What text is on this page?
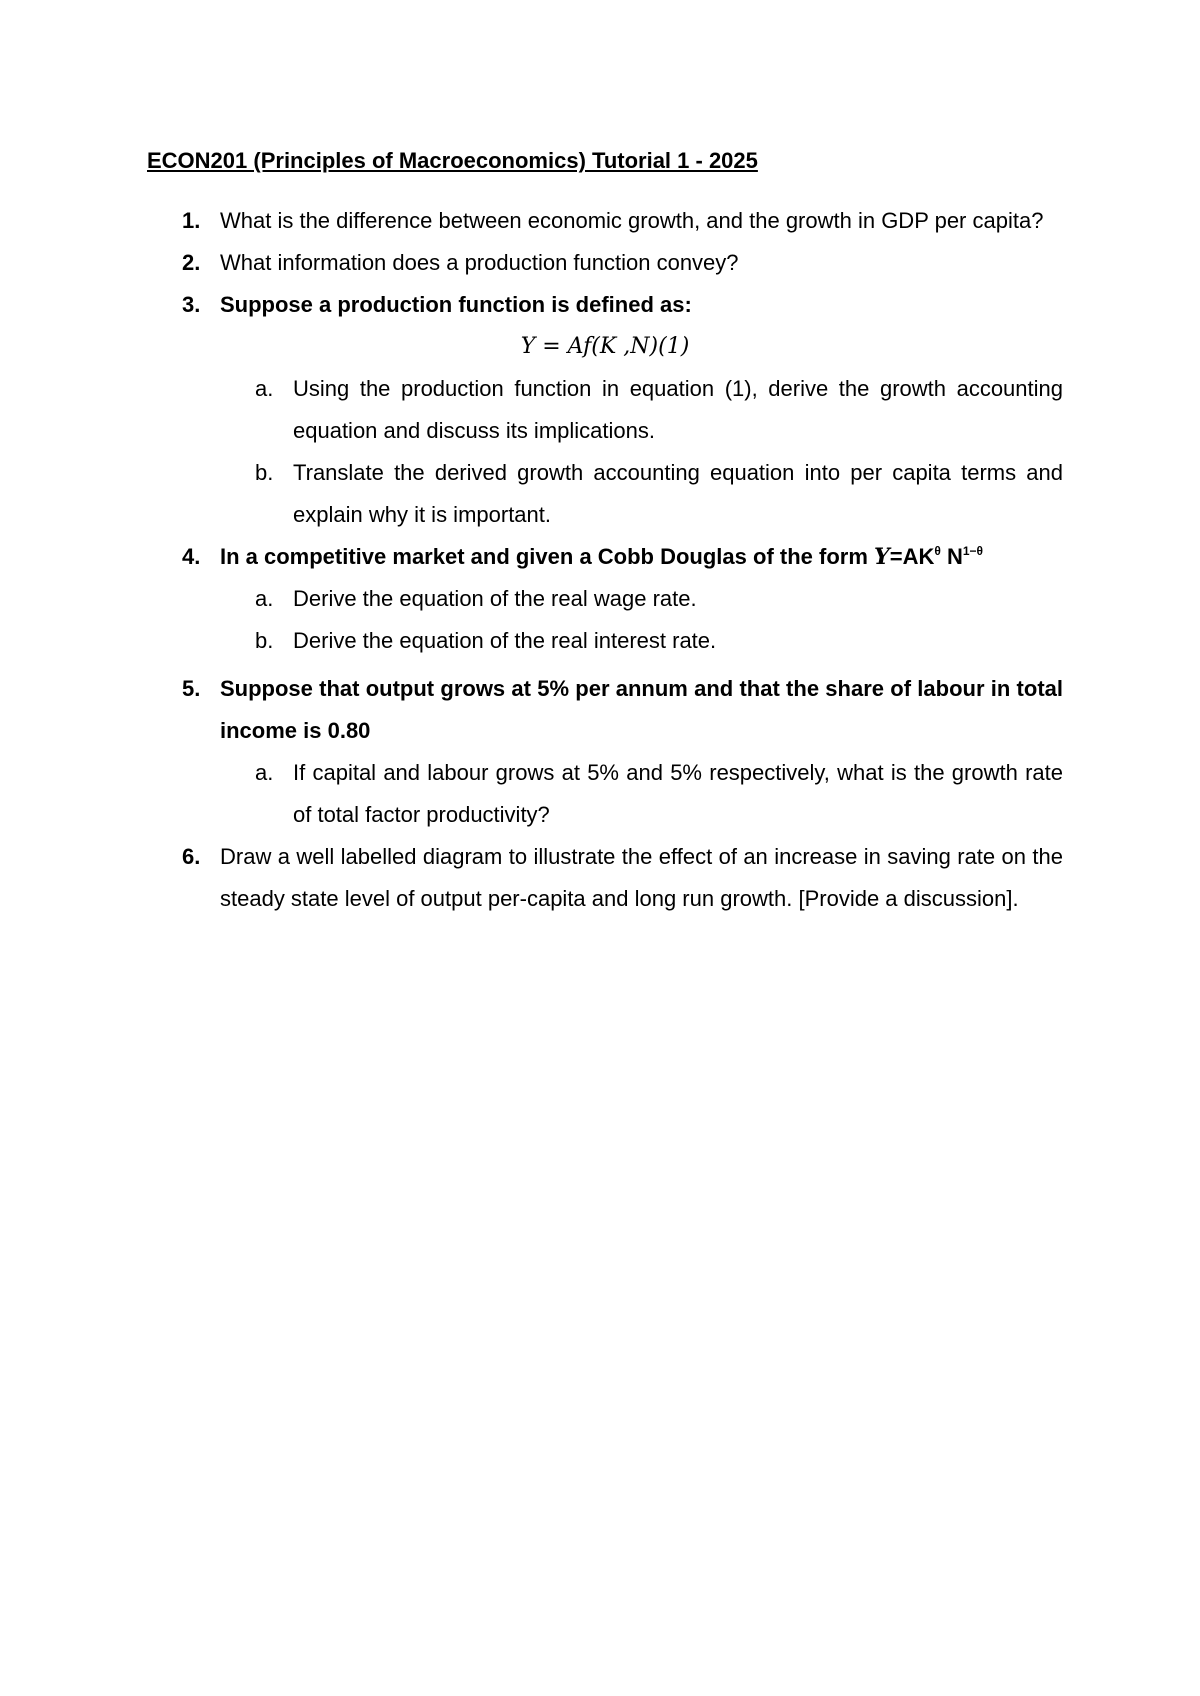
ECON201 (Principles of Macroeconomics) Tutorial 1 - 2025
1. What is the difference between economic growth, and the growth in GDP per capita?
2. What information does a production function convey?
3. Suppose a production function is defined as:
Y = Af(K ,N)(1)
a. Using the production function in equation (1), derive the growth accounting equation and discuss its implications.
b. Translate the derived growth accounting equation into per capita terms and explain why it is important.
4. In a competitive market and given a Cobb Douglas of the form $Y=AK^\theta$ $N^{1-\theta}$
a. Derive the equation of the real wage rate.
b. Derive the equation of the real interest rate.
5. Suppose that output grows at 5% per annum and that the share of labour in total income is 0.80
a. If capital and labour grows at 5% and 5% respectively, what is the growth rate of total factor productivity?
6. Draw a well labelled diagram to illustrate the effect of an increase in saving rate on the steady state level of output per-capita and long run growth. [Provide a discussion].
